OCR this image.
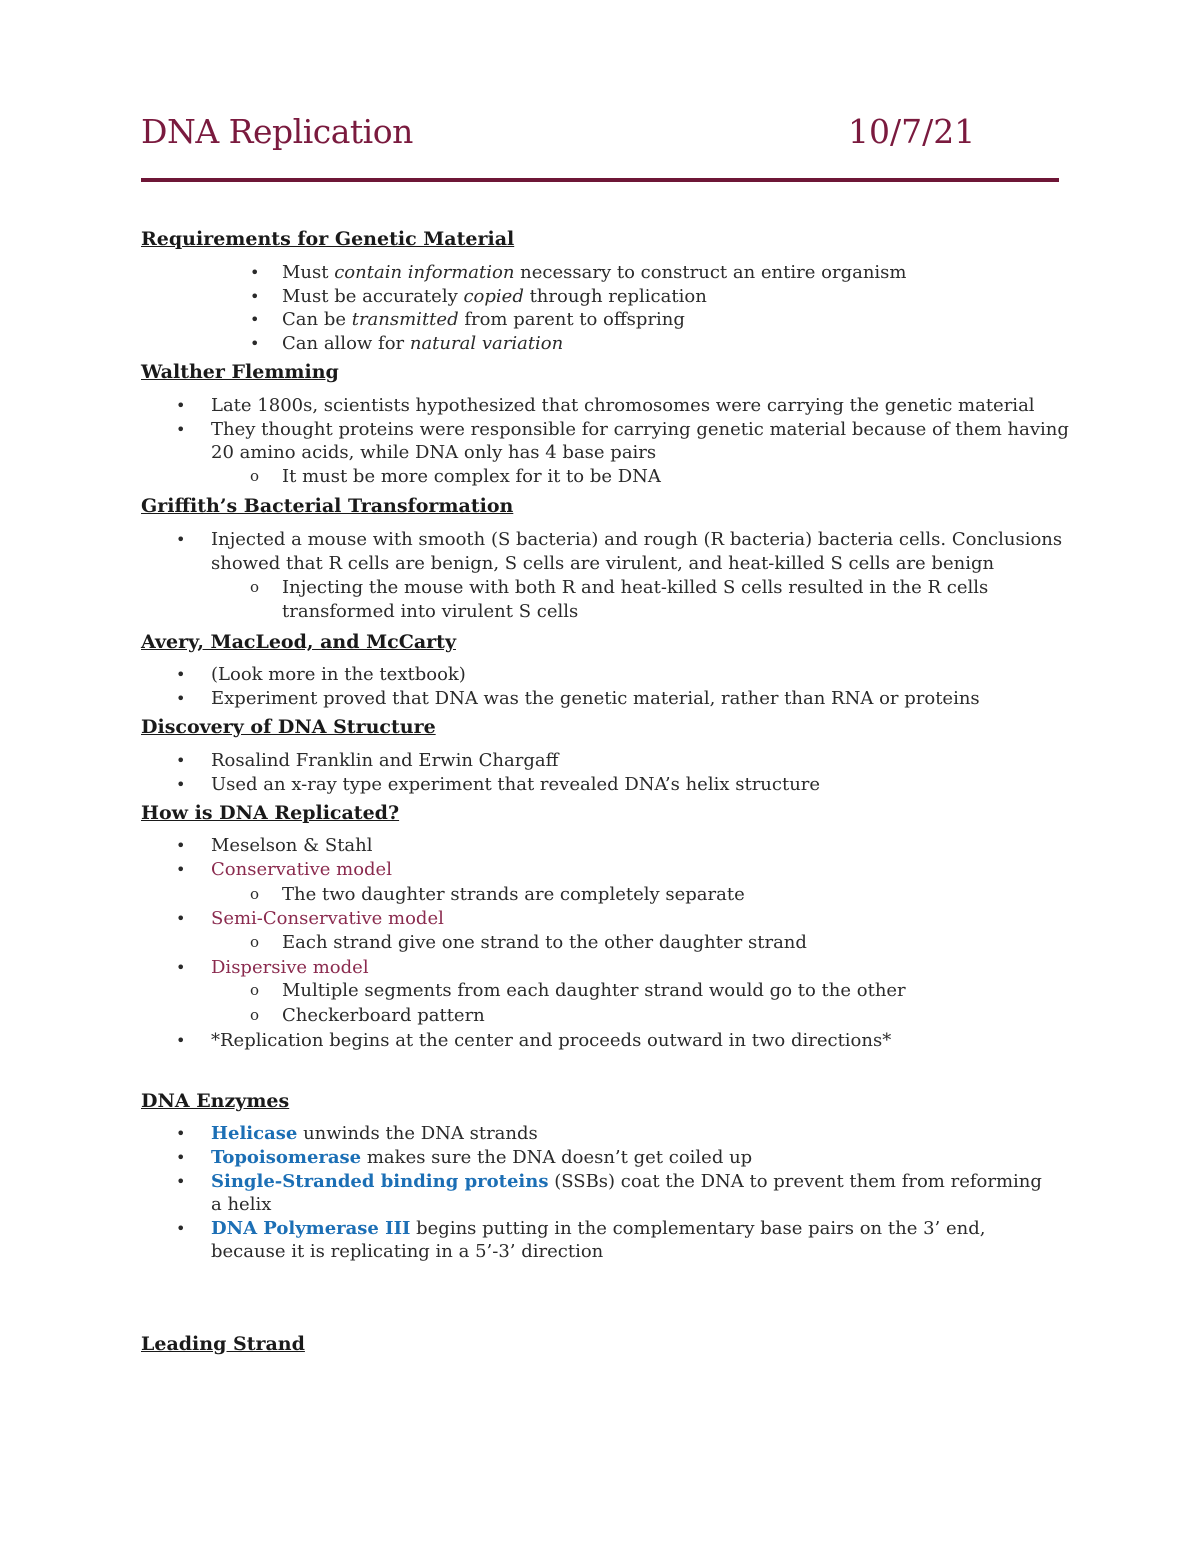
DNA Replication	10/7/21
Requirements for Genetic Material
• Must contain information necessary to construct an entire organism
• Must be accurately copied through replication
• Can be transmitted from parent to offspring
• Can allow for natural variation
Walther Flemming
• Late 1800s, scientists hypothesized that chromosomes were carrying the genetic material
• They thought proteins were responsible for carrying genetic material because of them having
20 amino acids, while DNA only has 4 base pairs
o It must be more complex for it to be DNA
Griffith’s Bacterial Transformation
• Injected a mouse with smooth (S bacteria) and rough (R bacteria) bacteria cells. Conclusions
showed that R cells are benign, S cells are virulent, and heat-killed S cells are benign
o Injecting the mouse with both R and heat-killed S cells resulted in the R cells
transformed into virulent S cells
Avery, MacLeod, and McCarty
• (Look more in the textbook)
• Experiment proved that DNA was the genetic material, rather than RNA or proteins
Discovery of DNA Structure
• Rosalind Franklin and Erwin Chargaff
• Used an x-ray type experiment that revealed DNA’s helix structure
How is DNA Replicated?
• Meselson & Stahl
• Conservative model
o The two daughter strands are completely separate
• Semi-Conservative model
o Each strand give one strand to the other daughter strand
• Dispersive model
o Multiple segments from each daughter strand would go to the other
o Checkerboard pattern
• *Replication begins at the center and proceeds outward in two directions*
DNA Enzymes
• Helicase unwinds the DNA strands
• Topoisomerase makes sure the DNA doesn’t get coiled up
• Single-Stranded binding proteins (SSBs) coat the DNA to prevent them from reforming
a helix
• DNA Polymerase III begins putting in the complementary base pairs on the 3’ end,
because it is replicating in a 5’-3’ direction
Leading Strand
